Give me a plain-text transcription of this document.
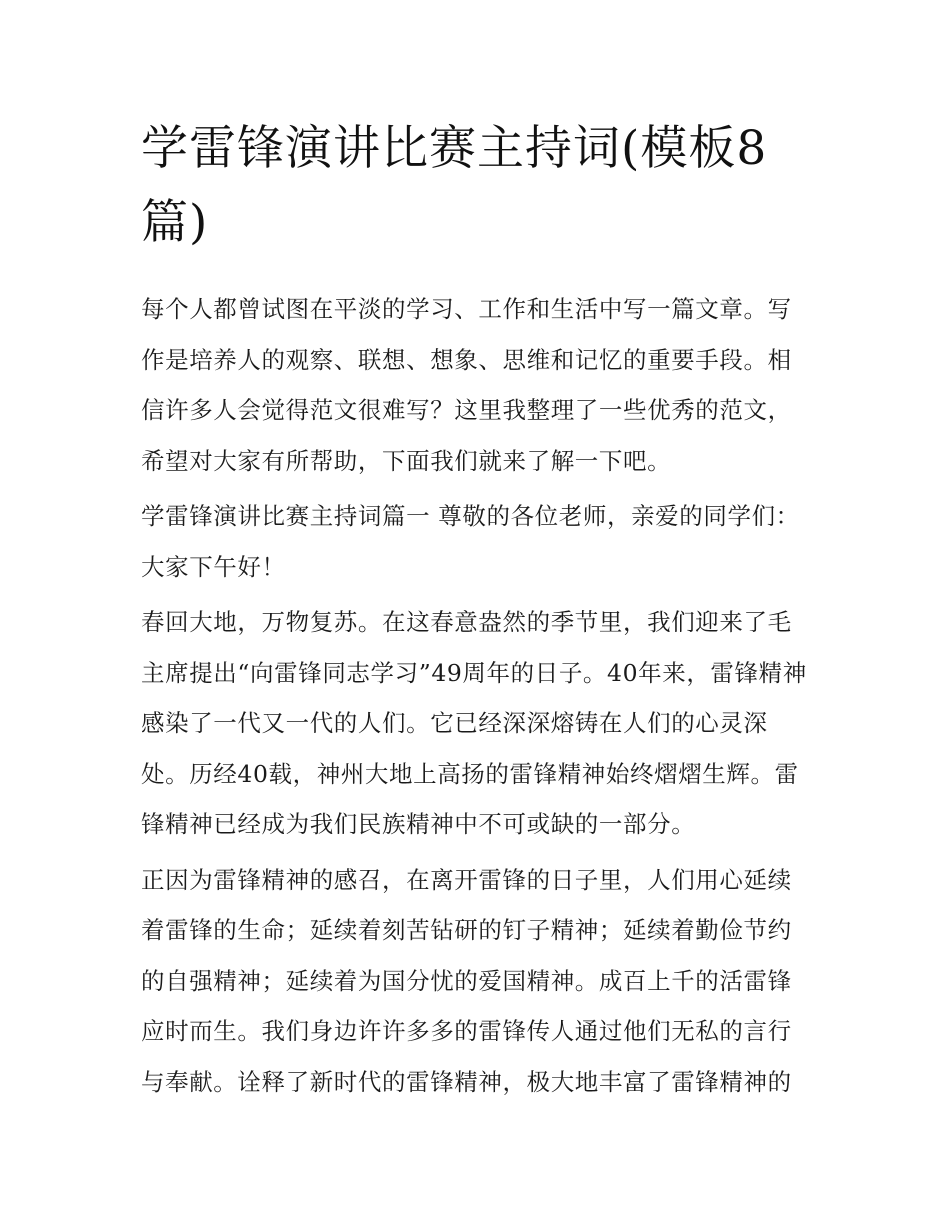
学雷锋演讲比赛主持词(模板8篇)

每个人都曾试图在平淡的学习、工作和生活中写一篇文章。写作是培养人的观察、联想、想象、思维和记忆的重要手段。相信许多人会觉得范文很难写？这里我整理了一些优秀的范文，希望对大家有所帮助，下面我们就来了解一下吧。

学雷锋演讲比赛主持词篇一 尊敬的各位老师，亲爱的同学们： 大家下午好！

春回大地，万物复苏。在这春意盎然的季节里，我们迎来了毛主席提出“向雷锋同志学习”49周年的日子。40年来，雷锋精神感染了一代又一代的人们。它已经深深熔铸在人们的心灵深处。历经40载，神州大地上高扬的雷锋精神始终熠熠生辉。雷锋精神已经成为我们民族精神中不可或缺的一部分。

正因为雷锋精神的感召，在离开雷锋的日子里，人们用心延续着雷锋的生命；延续着刻苦钻研的钉子精神；延续着勤俭节约的自强精神；延续着为国分忧的爱国精神。成百上千的活雷锋应时而生。我们身边许许多多的雷锋传人通过他们无私的言行与奉献。诠释了新时代的雷锋精神，极大地丰富了雷锋精神的
